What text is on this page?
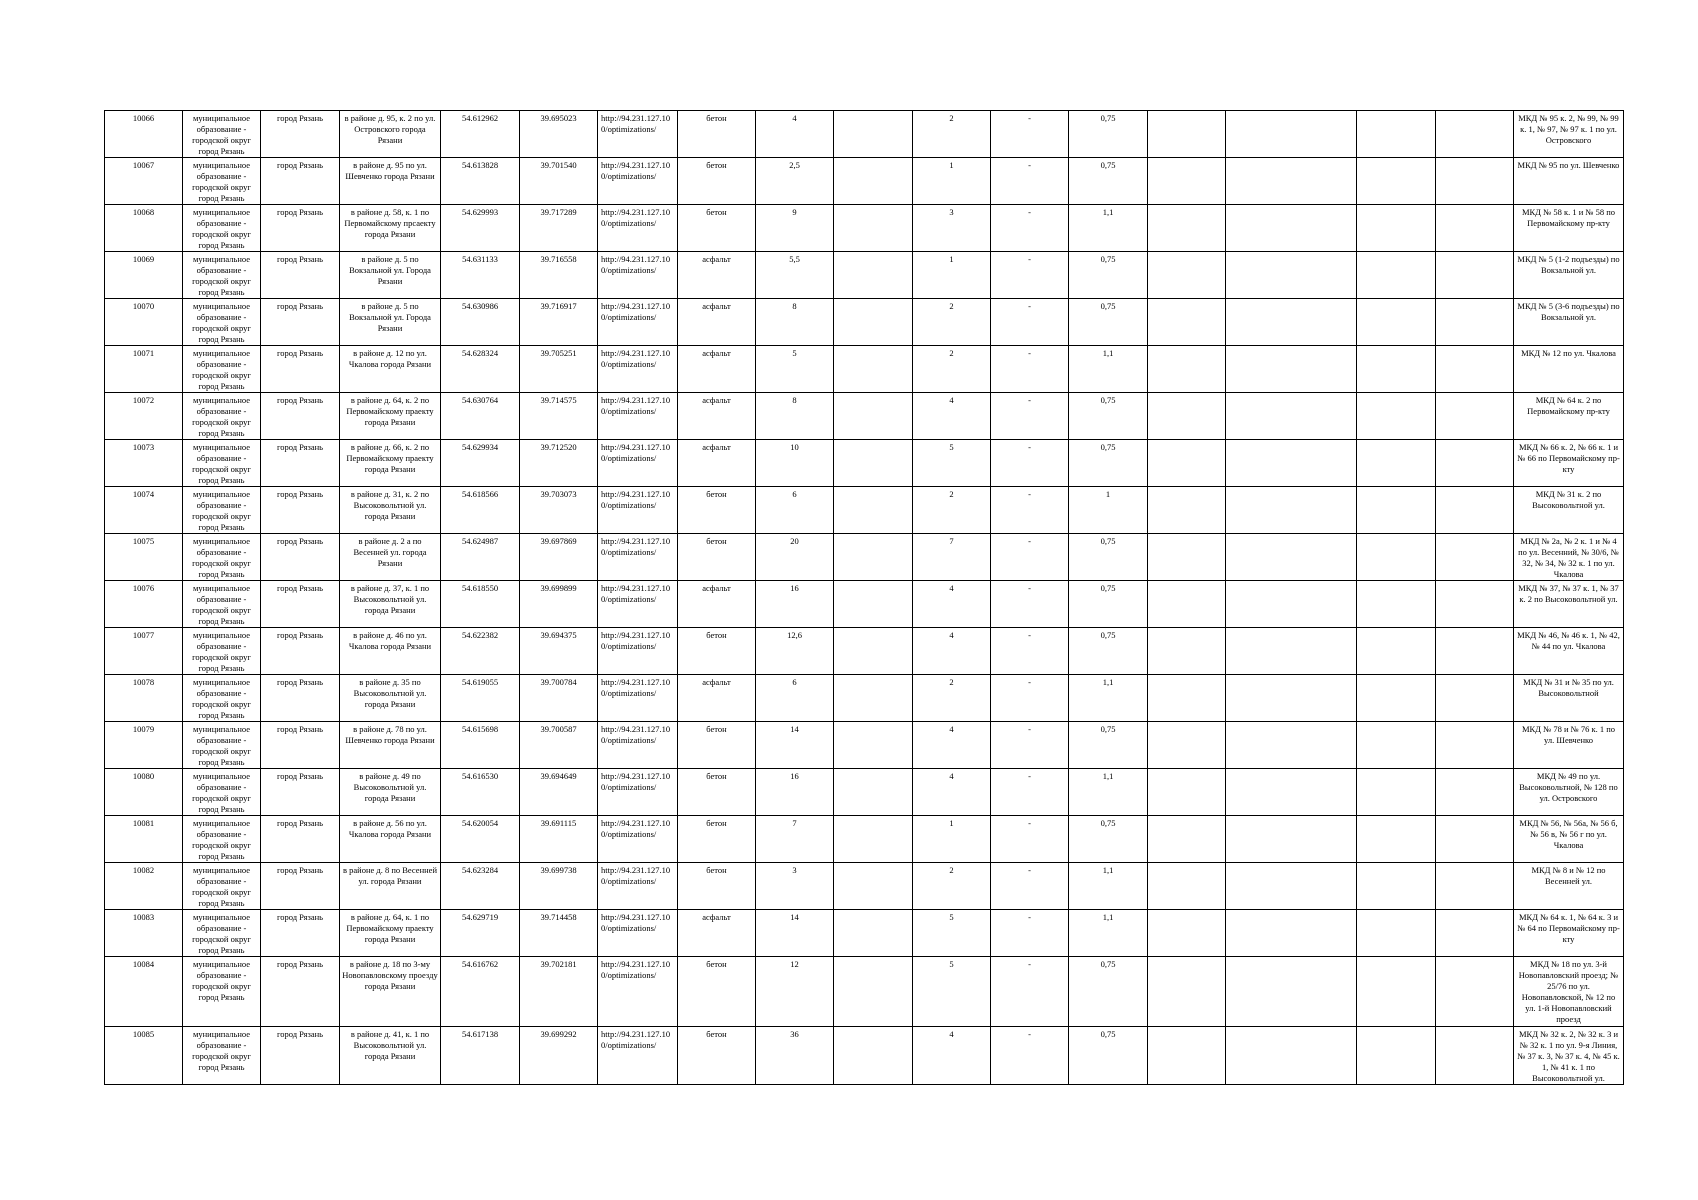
10066	муниципальное образование - городской округ город Рязань	город Рязань	в районе д. 95, к. 2 по ул. Островского города Рязани	54.612962	39.695023	http://94.231.127.10 0/optimizations/	бетон	4		2	-	0,75					МКД № 95 к. 2, № 99, № 99 к. 1, № 97, № 97 к. 1 по ул. Островского
10067	муниципальное образование - городской округ город Рязань	город Рязань	в районе д. 95 по ул. Шевченко города Рязани	54.613828	39.701540	http://94.231.127.10 0/optimizations/	бетон	2,5		1	-	0,75					МКД № 95 по ул. Шевченко
10068	муниципальное образование - городской округ город Рязань	город Рязань	в районе д. 58, к. 1 по Первомайскому прсаекту города Рязани	54.629993	39.717289	http://94.231.127.10 0/optimizations/	бетон	9		3	-	1,1					МКД № 58 к. 1 и № 58 по Первомайскому пр-кту
10069	муниципальное образование - городской округ город Рязань	город Рязань	в районе д. 5 по Вокзальной ул. Города Рязани	54.631133	39.716558	http://94.231.127.10 0/optimizations/	асфальт	5,5		1	-	0,75					МКД № 5 (1-2 подъезды) по Вокзальной ул.
10070	муниципальное образование - городской округ город Рязань	город Рязань	в районе д. 5 по Вокзальной ул. Города Рязани	54.630986	39.716917	http://94.231.127.10 0/optimizations/	асфальт	8		2	-	0,75					МКД № 5 (3-6 подъезды) по Вокзальной ул.
10071	муниципальное образование - городской округ город Рязань	город Рязань	в районе д. 12 по ул. Чкалова города Рязани	54.628324	39.705251	http://94.231.127.10 0/optimizations/	асфальт	5		2	-	1,1					МКД № 12 по ул. Чкалова
10072	муниципальное образование - городской округ город Рязань	город Рязань	в районе д. 64, к. 2 по Первомайскому праекту города Рязани	54.630764	39.714575	http://94.231.127.10 0/optimizations/	асфальт	8		4	-	0,75					МКД № 64 к. 2 по Первомайскому пр-кту
10073	муниципальное образование - городской округ город Рязань	город Рязань	в районе д. 66, к. 2 по Первомайскому праекту города Рязани	54.629934	39.712520	http://94.231.127.10 0/optimizations/	асфальт	10		5	-	0,75					МКД № 66 к. 2, № 66 к. 1 и № 66 по Первомайскому пр-кту
10074	муниципальное образование - городской округ город Рязань	город Рязань	в районе д. 31, к. 2 по Высоковольтной ул. города Рязани	54.618566	39.703073	http://94.231.127.10 0/optimizations/	бетон	6		2	-	1					МКД № 31 к. 2 по Высоковольтной ул.
10075	муниципальное образование - городской округ город Рязань	город Рязань	в районе д. 2 а по Весенней ул. города Рязани	54.624987	39.697869	http://94.231.127.10 0/optimizations/	бетон	20		7	-	0,75					МКД № 2а, № 2 к. 1 и № 4 по ул. Весенний, № 30/6, № 32, № 34, № 32 к. 1 по ул. Чкалова
10076	муниципальное образование - городской округ город Рязань	город Рязань	в районе д. 37, к. 1 по Высоковольтной ул. города Рязани	54.618550	39.699899	http://94.231.127.10 0/optimizations/	асфальт	16		4	-	0,75					МКД № 37, № 37 к. 1, № 37 к. 2 по Высоковольтной ул.
10077	муниципальное образование - городской округ город Рязань	город Рязань	в районе д. 46 по ул. Чкалова города Рязани	54.622382	39.694375	http://94.231.127.10 0/optimizations/	бетон	12,6		4	-	0,75					МКД № 46, № 46 к. 1, № 42, № 44 по ул. Чкалова
10078	муниципальное образование - городской округ город Рязань	город Рязань	в районе д. 35 по Высоковольтной ул. города Рязани	54.619055	39.700784	http://94.231.127.10 0/optimizations/	асфальт	6		2	-	1,1					МКД № 31 и № 35 по ул. Высоковольтной
10079	муниципальное образование - городской округ город Рязань	город Рязань	в районе д. 78 по ул. Шевченко города Рязани	54.615698	39.700587	http://94.231.127.10 0/optimizations/	бетон	14		4	-	0,75					МКД № 78 и № 76 к. 1 по ул. Шевченко
10080	муниципальное образование - городской округ город Рязань	город Рязань	в районе д. 49 по Высоковольтной ул. города Рязани	54.616530	39.694649	http://94.231.127.10 0/optimizations/	бетон	16		4	-	1,1					МКД № 49 по ул. Высоковольтной, № 128 по ул. Островского
10081	муниципальное образование - городской округ город Рязань	город Рязань	в районе д. 56 по ул. Чкалова города Рязани	54.620054	39.691115	http://94.231.127.10 0/optimizations/	бетон	7		1	-	0,75					МКД № 56, № 56а, № 56 б, № 56 в, № 56 г по ул. Чкалова
10082	муниципальное образование - городской округ город Рязань	город Рязань	в районе д. 8 по Весенней ул. города Рязани	54.623284	39.699738	http://94.231.127.10 0/optimizations/	бетон	3		2	-	1,1					МКД № 8 и № 12 по Весенней ул.
10083	муниципальное образование - городской округ город Рязань	город Рязань	в районе д. 64, к. 1 по Первомайскому праекту города Рязани	54.629719	39.714458	http://94.231.127.10 0/optimizations/	асфальт	14		5	-	1,1					МКД № 64 к. 1, № 64 к. 3 и № 64 по Первомайскому пр-кту
10084	муниципальное образование - городской округ город Рязань	город Рязань	в районе д. 18 по 3-му Новопавловскому проезду города Рязани	54.616762	39.702181	http://94.231.127.10 0/optimizations/	бетон	12		5	-	0,75					МКД № 18 по ул. 3-й Новопавловский проезд; № 25/76 по ул. Новопавловской, № 12 по ул. 1-й Новопавловский проезд
10085	муниципальное образование - городской округ город Рязань	город Рязань	в районе д. 41, к. 1 по Высоковольтной ул. города Рязани	54.617138	39.699292	http://94.231.127.10 0/optimizations/	бетон	36		4	-	0,75					МКД № 32 к. 2, № 32 к. 3 и № 32 к. 1 по ул. 9-я Линия, № 37 к. 3, № 37 к. 4, № 45 к. 1, № 41 к. 1 по Высоковольтной ул.
